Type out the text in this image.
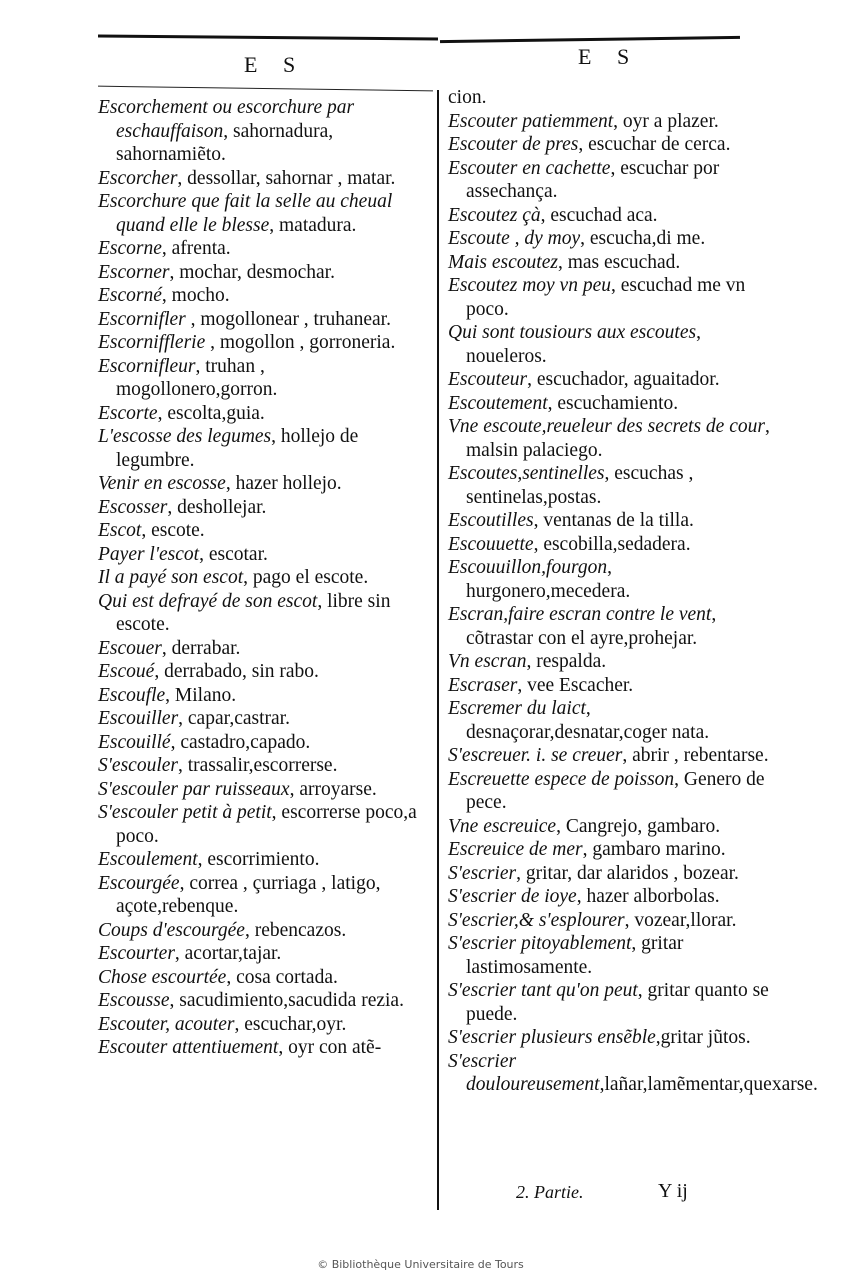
E S	E S

Escorchement ou escorchure par eschauffaison, sahornadura, sahornamiẽto.

Escorcher, dessollar, sahornar , matar.

Escorchure que fait la selle au cheual quand elle le blesse, matadura.

Escorne, afrenta.

Escorner, mochar, desmochar.

Escorné, mocho.

Escornifler , mogollonear , truhanear.

Escornifflerie , mogollon , gorroneria.

Escornifleur, truhan , mogollonero,gorron.

Escorte, escolta,guia.

L'escosse des legumes, hollejo de legumbre.

Venir en escosse, hazer hollejo.

Escosser, deshollejar.

Escot, escote.

Payer l'escot, escotar.

Il a payé son escot, pago el escote.

Qui est defrayé de son escot, libre sin escote.

Escouer, derrabar.

Escoué, derrabado, sin rabo.

Escoufle, Milano.

Escouiller, capar,castrar.

Escouillé, castadro,capado.

S'escouler, trassalir,escorrerse.

S'escouler par ruisseaux, arroyarse.

S'escouler petit à petit, escorrerse poco,a poco.

Escoulement, escorrimiento.

Escourgée, correa , çurriaga , latigo, açote,rebenque.

Coups d'escourgée, rebencazos.

Escourter, acortar,tajar.

Chose escourtée, cosa cortada.

Escousse, sacudimiento,sacudida rezia.

Escouter, acouter, escuchar,oyr.

Escouter attentiuement, oyr con atẽ-

cion.

Escouter patiemment, oyr a plazer.

Escouter de pres, escuchar de cerca.

Escouter en cachette, escuchar por assechança.

Escoutez çà, escuchad aca.

Escoute , dy moy, escucha,di me.

Mais escoutez, mas escuchad.

Escoutez moy vn peu, escuchad me vn poco.

Qui sont tousiours aux escoutes, noueleros.

Escouteur, escuchador, aguaitador.

Escoutement, escuchamiento.

Vne escoute,reueleur des secrets de cour, malsin palaciego.

Escoutes,sentinelles, escuchas , sentinelas,postas.

Escoutilles, ventanas de la tilla.

Escouuette, escobilla,sedadera.

Escouuillon,fourgon, hurgonero,mecedera.

Escran,faire escran contre le vent, cõtrastar con el ayre,prohejar.

Vn escran, respalda.

Escraser, vee Escacher.

Escremer du laict, desnaçorar,desnatar,coger nata.

S'escreuer. i. se creuer, abrir , rebentarse.

Escreuette espece de poisson, Genero de pece.

Vne escreuice, Cangrejo, gambaro.

Escreuice de mer, gambaro marino.

S'escrier, gritar, dar alaridos , bozear.

S'escrier de ioye, hazer alborbolas.

S'escrier,& s'esplourer, vozear,llorar.

S'escrier pitoyablement, gritar lastimosamente.

S'escrier tant qu'on peut, gritar quanto se puede.

S'escrier plusieurs ensẽble,gritar jũtos.

S'escrier douloureusement,lañar,lamẽmentar,quexarse.

2. Partie.	Y ij
© Bibliothèque Universitaire de Tours
